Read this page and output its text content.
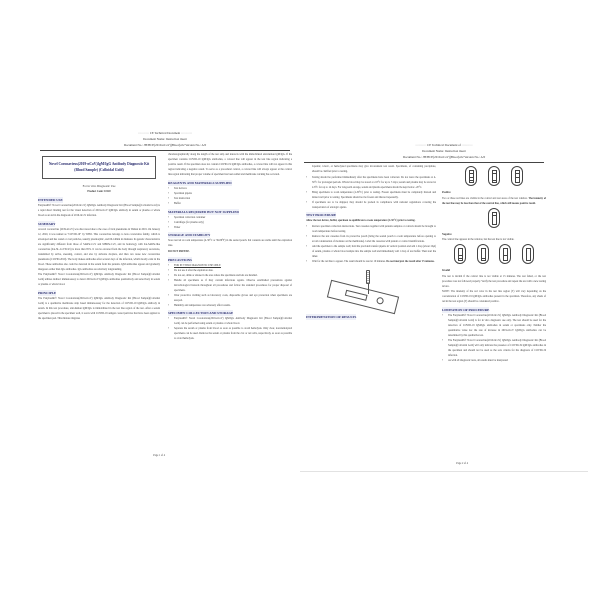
▪▪▪▪▪▪▪▪▪▪ CE Technical Document ▪▪▪▪▪▪▪▪▪▪
Document Name: Instruction insert
Document No.: JH/HCE(2019-nCoV)(Blood)-02 Version No.: A/0
Novel Coronavirus(2019-nCoV)IgM/IgG Antibody Diagnostic Kit (Blood Sample) (Colloidal Gold)
For in vitro Diagnostic Use
Product Code: 10120
INTENDED USE

Fanyiteahh® Novel Coronavirus(2019-nCoV) IgM/IgG Antibody Diagnostic Kit (Blood Sample)(Colloidal Gold) is a rapid direct binding test for the visual detection of 2019-nCoV IgM/IgG antibody in serum or plasma or whole blood as an aid in the diagnosis of 2019-nCoV infection.

SUMMARY

A novel coronavirus (2019-nCoV) was discovered due to the case of viral pneumonia in Wuhan in 2019. On January 12, 2020, it was named as "COVID-19" by WHO. This coronavirus belongs to beta coronavirus family, which is enveloped and has round or oval particles, usually pleomorphic, and 60-140nm in diameter. Its genetic characteristics are significantly different from those of SARSr-CoV and MERSr-CoV, and its homology with bat-SARSr-like coronavirus (bat-SL-CoVZC45) is more than 85%. It can be excreted from the body through respiratory secretions, transmitted by saliva, sneezing, contact, and also by airborne droplets, and then can cause new coronavirus pneumonia (COVID-2019). The body makes antibodies after several days of the infection, which mostly exist in the blood. These antibodies also could be detected in the serum from the patients. IgM antibodies appear and gradually disappear earlier than IgG antibodies. IgG antibodies are relatively longstanding.

The Fanyiteahh® Novel Coronavirus(2019-nCoV) IgM/IgG Antibody Diagnostic Kit (Blood Sample)(Colloidal Gold) utilizes indirect immunoassay to detect 2019-nCoV IgM/IgG antibodies qualitatively and selectively in serum or plasma or whole blood.

PRINCIPLE

The Fanyiteahh® Novel Coronavirus(2019-nCoV) IgM/IgG Antibody Diagnostic Kit (Blood Sample)(Colloidal Gold) is a qualitative membrane strip based immunoassay for the detection of COVID-19 IgM/IgG antibody in serum. In this test procedure, anti-human IgM/IgG is immobilized in the test line region of the test. After a serum specimen is placed in the specimen well, it reacts with COVID-19 antigen coated particles that have been applied to the specimen pad. This mixture migrates

chromatographically along the length of the test strip and interacts with the immobilized anti-human IgM/IgG. If the specimen contains COVID-19 IgM/IgG antibodies, a colored line will appear in the test line region indicating a positive result. If the specimen does not contain COVID-19 IgM/IgG antibodies, a colored line will not appear in this region indicating a negative result. To serve as a procedural control, a colored line will always appear at the control line region indicating that proper volume of specimen has been added and membrane wicking has occurred.

REAGENTS AND MATERIALS SUPPLIED
• Test devices
• Specimen pipette
• Test instruction
• Buffer
MATERIALS REQUIRED BUT NOT SUPPLIED
• Specimen collection container
• Centrifuge (for plasma only)
• Timer
STORAGE AND STABILITY

Store test kit at room temperature (4-30°C or 39-86°F) in the sealed pouch. Kit contents are stable until the expiration date.

DO NOT FREEZE.

PRECAUTIONS
• FOR IN VITRO DIAGNOSTIC USE ONLY.
• Do not use it after the expiration date.
• Do not eat, drink or smoke in the area where the specimens and kits are handled.
• Handle all specimens as if they contain infectious agents. Observe established precautions against microbiological hazards throughout all procedures and follow the standard procedures for proper disposal of specimens.
• Wear protective clothing such as laboratory coats, disposable gloves and eye protection when specimens are assayed.
• Humidity and temperature can adversely affect results.
SPECIMEN COLLECTION AND STORAGE
• Fanyiteahh® Novel Coronavirus(2019-nCoV) IgM/IgG Antibody Diagnostic Kit (Blood Sample)(Colloidal Gold) can be performed using serum or plasma or whole blood.
• Separate the serum or plasma from blood as soon as possible to avoid hemolysis. Only clear, non-hemolyzed specimens can be used. Remove the serum or plasma from the clot or red cells, respectively, as soon as possible to avoid hemolysis.
Page 1 of 4
▪▪▪▪▪▪▪▪▪▪ CE Technical Document of ▪▪▪▪▪▪▪▪▪▪
Document Name: Instruction insert
Document No.: JH/HCE(2019-nCoV)(Blood)-02 Version No.: A/0

Lipemic, icteric, or hemolyzed specimens may give inconsistent test result. Specimens, of containing precipitate, should be clarified prior to testing.

• Testing should be performed immediately after the specimens have been collected. Do not leave the specimens at 4-30°C for prolonged periods. Whole blood may be stored at 2-8°C for up to 3 days; serum and plasma may be stored at 2-8°C for up to 14 days. For long-term storage, serum and plasma specimens should be kept below -20°C.
• Bring specimens to room temperature (4-30°C) prior to testing. Frozen specimens must be completely thawed and mixed well prior to testing. Specimens should not be frozen and thawed repeatedly.
• If specimens are to be shipped, they should be packed in compliance with national regulations covering the transportation of etiologic agents.
TEST PROCEDURE

Allow the test device, buffer, specimen to equilibrate to room temperature (4-30°C) prior to testing.

• Review specimen collection instructions. Test cassettes together with patients samples or controls should be brought to room temperature before testing.
• Remove the test cassettes from its protective pouch (bring the sealed pouch to room temperature before opening to avoid condensation of moisture on the membrane). Label the cassettes with patient or control identifications.
• Add the specimen to the sample well; hold the provided transfer pipette in vertical position and add 1 drop (about 10μl) of serum, plasma or whole blood sample into the sample well and immediately add 1 drop of test buffer. Then start the timer.
• Wait for the red line to appear. The result should be read at 10 minutes. Do not interpret the result after 15 minutes.
INTERPRETATION OF RESULTS

Positive

Two or three red lines are visible in the control and test areas of the test window. The intensity of the test line may be less than that of the control line, which still means positive result.

Negative

The control line appears in the window, but the test line is not visible.

Invalid

The test is invalid if the control line is not visible at 15 minutes. The test failed, or the test procedure was not followed properly. Verify the test procedure and repeat the test with a new testing device.

NOTE: The intensity of the red color in the test line region (T) will vary depending on the concentration of COVID-19 IgM/IgG antibodies present in the specimen. Therefore, any shade of red in the test region (T) should be considered positive.

LIMITATION OF PROCEDURE
• The Fanyiteahh® Novel Coronavirus(2019-nCoV) IgM/IgG Antibody Diagnostic Kit (Blood Sample)(Colloidal Gold) is for in vitro diagnostic use only. The test should be used for the detection of COVID-19 IgM/IgG antibodies in serum or specimens only. Neither the quantitative value nor the rate of increase in 2019-nCoV IgM/IgG antibodies can be determined by this qualitative test.
• The Fanyiteahh® Novel Coronavirus(2019-nCoV) IgM/IgG Antibody Diagnostic Kit (Blood Sample)(Colloidal Gold) will only indicate the presence of COVID-19 IgM/IgG antibodies in the specimen and should not be used as the sole criteria for the diagnosis of COVID-19 infection.
• As with all diagnostic tests, all results must be interpreted
Page 2 of 4
